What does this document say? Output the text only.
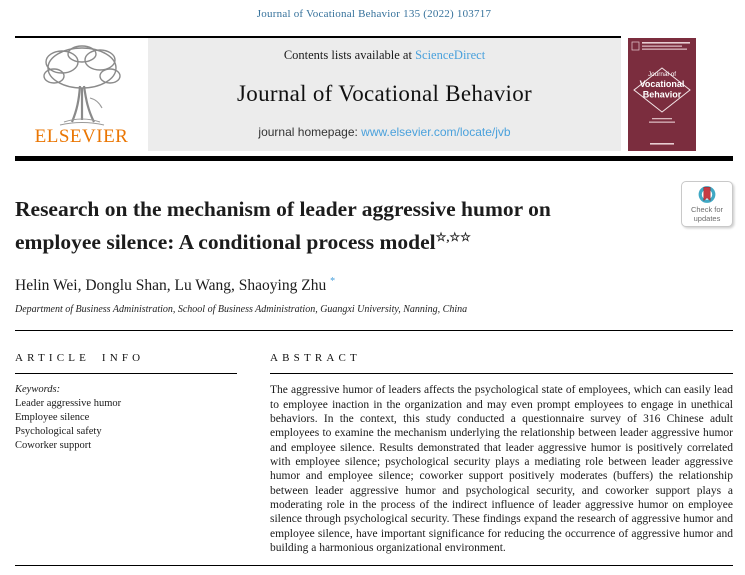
Journal of Vocational Behavior 135 (2022) 103717
ELSEVIER
Contents lists available at ScienceDirect
Journal of Vocational Behavior
journal homepage: www.elsevier.com/locate/jvb
Journal of
Vocational
Behavior
Research on the mechanism of leader aggressive humor on employee silence: A conditional process model☆,☆☆
Check for
updates
Helin Wei, Donglu Shan, Lu Wang, Shaoying Zhu *
Department of Business Administration, School of Business Administration, Guangxi University, Nanning, China
ARTICLE INFO
Keywords:
Leader aggressive humor
Employee silence
Psychological safety
Coworker support
ABSTRACT
The aggressive humor of leaders affects the psychological state of employees, which can easily lead to employee inaction in the organization and may even prompt employees to engage in unethical behaviors. In the context, this study conducted a questionnaire survey of 316 Chinese adult employees to examine the mechanism underlying the relationship between leader aggressive humor and employee silence. Results demonstrated that leader aggressive humor is positively correlated with employee silence; psychological security plays a mediating role between leader aggressive humor and employee silence; coworker support positively moderates (buffers) the relationship between leader aggressive humor and psychological security, and coworker support plays a moderating role in the process of the indirect influence of leader aggressive humor on employee silence through psychological security. These findings expand the research of aggressive humor and employee silence, have important significance for reducing the occurrence of aggressive humor and building a harmonious organizational environment.
